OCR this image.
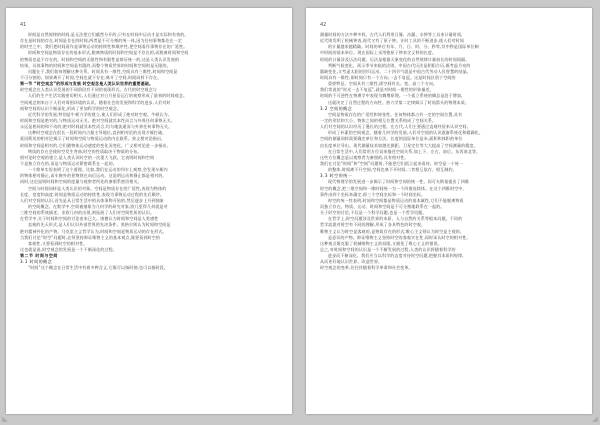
41
时间是自然规律的时间,是无法把它们截然分开的,只有在时间中运动才是实际和有效的。
存在是时间的存在,时间是存在的时间,两者是不可分割的统一体,因为任何事物都处在一定
的时空之中。我们把时间看作是事物运动的持续性和顺序性,把空间看作事物存在的广延性。
时间和空间是物质存在的基本形式,脱离物质的时间和空间是不存在的,而脱离时间和空间
的物质也是不存在的。时间和空间的无限性和有限性是辩证统一的,这是人类认识发展的
结果。具体事物的时间和空间是有限的,而整个物质世界的时间和空间则是无限的。
问题在于,我们如何理解这种关系。时间具有一维性,空间具有三维性,时间和空间是
不可分割的。如果离开了时间,空间也就不存在;离开了空间,时间同样不存在。
第一节 “时空观念”的形成与发展 时空观念是人类认识世界的重要基础。
时空观念在人类认识发展的不同阶段有不同的表现形式。古代的时空观念与
人们的生产生活实践密切相关,人们通过对日月星辰运行的观察形成了最初的时间观念。
空间观念则来自于人们对周围环境的认识。随着社会的发展和科学的进步,人们对时
间和空间的认识不断深化,形成了更加科学的时空观念。
近代科学的发展,特别是牛顿力学的建立,使人们形成了绝对时空观。牛顿认为,
时间和空间是绝对的,与物质运动无关。绝对空间就其本性而言与外界任何事物无关,
永远是相同的和不动的;绝对时间就其本性而言,均匀地流逝而与外界任何事物无关。
这种时空观念在很长一段时间内占据主导地位,直到相对论的出现才被打破。
爱因斯坦的相对论揭示了时间和空间与物质运动的内在联系。狭义相对论指出,
时间和空间是相对的,它们随物体运动速度的变化而变化。广义相对论进一步指出,
物质的存在会使时空发生弯曲,时空的性质取决于物质的分布。
相对论时空观的建立,是人类认识时空的一次重大飞跃。它表明时间和空间
不是独立存在的,而是与物质运动紧密联系在一起的。
一个简单实验表明了这个道理。比如,我们在运动的列车上观察,会发现车厢内
的物体相对静止,而车窗外的景物则在向后运动。这说明运动和静止都是相对的。
同时,这也说明时间和空间的度量与观察者所处的参照系密切相关。
空间与时间同样是人类认识的对象。空间是物质存在的广延性,表现为物体的
长度、宽度和高度;时间是物质运动的持续性,表现为事物运动过程的先后顺序。
人们对空间的认识,首先是从日常生活中的具体事物开始的,然后逐步上升到抽象
的空间概念。在数学中,空间被抽象为几何学的研究对象,欧几里得几何就是对
三维空间的系统描述。非欧几何的出现,则拓展了人们对空间性质的认识。
在哲学中,关于时间和空间的讨论由来已久。康德认为时间和空间是人类感性
直观的先天形式,是人们认识外部世界的先决条件。黑格尔则认为时间和空间是
绝对精神外化的产物。马克思主义哲学认为,时间和空间是物质运动的存在形式。
当我们讨论“时空”问题时,必须坚持辩证唯物主义的基本观点,既要看到时空的
客观性,又要看到时空的相对性。
这也就是说,时空观念的发展是一个不断深化的过程。
第二节 时间与空间
3.1 时间的概念
“时间”这个概念在日常生活中有着多种含义,它既可以指时刻,也可以指时段。
42
测量时间的方法多种多样。古代人们利用日晷、沙漏、水钟等工具来计量时间,
近代则发明了机械钟表,现代又有了原子钟。计时工具的不断进步,使人们对时间
的计量越来越精确。时间的单位有年、月、日、时、分、秒等,其中秒是国际单位制
中时间的基本单位。现在国际上采用铯原子钟来定义秒的长度。
时间的计量涉及历法问题。历法是根据天象变化的自然规律计量较长的时间间隔、
判断气候变化、预示季节来临的法则。中国古代历法是阴阳合历,既考虑月亮的
圆缺变化,又考虑太阳的回归运动。二十四节气就是中国古代劳动人民智慧的结晶。
时间具有一维性,即时间只有一个方向,一去不复返。这是时间区别于空间的
重要特征。空间具有三维性,即空间有长、宽、高三个方向。
我们常说的“时光一去不复返”,就是对时间一维性的形象描述。
时间的不可逆性在物理学中表现为熵增原理。一个孤立系统的熵总是趋于增加,
这就决定了自然过程的方向性。热力学第二定律揭示了时间箭头的物理本质。
3.2 空间的概念
空间是物质存在的广延性和伸张性。任何物体都占有一定的空间位置,具有
一定的形状和大小。物体之间的相互位置关系构成了空间关系。
人们对空间的认识经历了漫长的过程。在古代,人们主要通过直观经验来认识空间,
形成了朴素的空间观念。随着几何学的发展,人们对空间的认识逐渐系统化和精确化。
空间的测量同样需要确定单位和方法。长度的国际单位是米,面积和体积的单位
由长度单位导出。现代测量技术如激光测距、卫星定位等大大提高了空间测量的精度。
在日常生活中,人们常用方位词来描述空间关系,如上下、左右、前后、东西南北等。
这些方位概念是以观察者为参照的,具有相对性。
我们在讨论“时间”和“空间”问题时,不能把它们孤立起来看待。时空是一个统一
的整体,时间离不开空间,空间也离不开时间,二者相互依存、相互制约。
3.3 时空的统一
现代物理学的发展进一步揭示了时间和空间的统一性。闵可夫斯基提出了四维
时空的概念,把三维空间和一维时间统一为一个四维连续体。在这个四维时空中,
事件由四个坐标来确定,即三个空间坐标和一个时间坐标。
时空的统一性表明,时间和空间都是物质运动的基本属性,它们不能脱离物质
而独立存在。物质、运动、时间和空间是不可分割地联系在一起的。
关于时空的讨论,不仅是一个科学问题,也是一个哲学问题。
在哲学上,时空问题涉及世界的本原、人与自然的关系等根本问题。不同的
哲学流派对时空有不同的理解,形成了各具特色的时空观。
唯物主义认为时空是客观的,是物质存在的形式;唯心主义则认为时空是主观的,
是意识的产物。辩证唯物主义坚持时空的客观实在性,同时承认时空的相对性。
这种观点既克服了机械唯物主义的局限,又避免了唯心主义的错误。
总之,对时间和空间的认识是一个不断发展的过程,人类的认识将随着科学的
进步而不断深化。我们应当以科学的态度对待时空问题,把握其本质和规律,
从而更好地认识世界、改造世界。
时空观念的变革,往往伴随着科学革命和社会变革。
◣	◢
